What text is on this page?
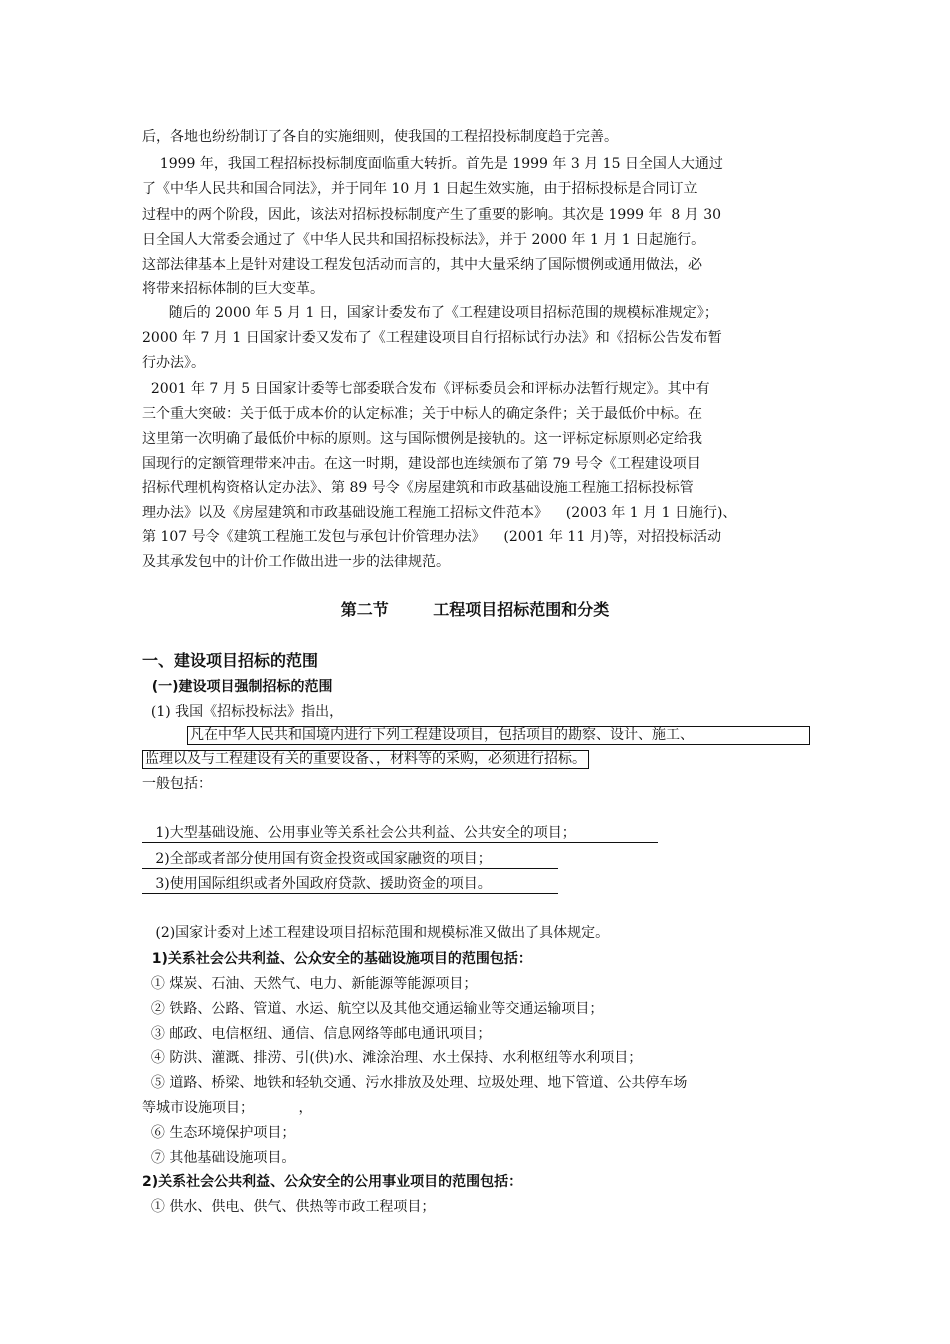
后，各地也纷纷制订了各自的实施细则，使我国的工程招投标制度趋于完善。
1999 年，我国工程招标投标制度面临重大转折。首先是 1999 年 3 月 15 日全国人大通过
了《中华人民共和国合同法》，并于同年 10 月 1 日起生效实施，由于招标投标是合同订立
过程中的两个阶段，因此，该法对招标投标制度产生了重要的影响。其次是 1999 年  8 月 30
日全国人大常委会通过了《中华人民共和国招标投标法》，并于 2000 年 1 月 1 日起施行。
这部法律基本上是针对建设工程发包活动而言的，其中大量采纳了国际惯例或通用做法，必
将带来招标体制的巨大变革。
随后的 2000 年 5 月 1 日，国家计委发布了《工程建设项目招标范围的规模标准规定》；
2000 年 7 月 1 日国家计委又发布了《工程建设项目自行招标试行办法》和《招标公告发布暂
行办法》。
2001 年 7 月 5 日国家计委等七部委联合发布《评标委员会和评标办法暂行规定》。其中有
三个重大突破：关于低于成本价的认定标准；关于中标人的确定条件；关于最低价中标。在
这里第一次明确了最低价中标的原则。这与国际惯例是接轨的。这一评标定标原则必定给我
国现行的定额管理带来冲击。在这一时期，建设部也连续颁布了第 79 号令《工程建设项目
招标代理机构资格认定办法》、第 89 号令《房屋建筑和市政基础设施工程施工招标投标管
理办法》以及《房屋建筑和市政基础设施工程施工招标文件范本》    (2003 年 1 月 1 日施行)、
第 107 号令《建筑工程施工发包与承包计价管理办法》    (2001 年 11 月)等，对招投标活动
及其承发包中的计价工作做出进一步的法律规范。
第二节        工程项目招标范围和分类
一、建设项目招标的范围
(一)建设项目强制招标的范围
(1) 我国《招标投标法》指出，
凡在中华人民共和国境内进行下列工程建设项目，包括项目的勘察、设计、施工、
监理以及与工程建设有关的重要设备、，材料等的采购，必须进行招标。
一般包括：
1)大型基础设施、公用事业等关系社会公共利益、公共安全的项目；
2)全部或者部分使用国有资金投资或国家融资的项目；
3)使用国际组织或者外国政府贷款、援助资金的项目。
(2)国家计委对上述工程建设项目招标范围和规模标准又做出了具体规定。
1)关系社会公共利益、公众安全的基础设施项目的范围包括：
① 煤炭、石油、天然气、电力、新能源等能源项目；
② 铁路、公路、管道、水运、航空以及其他交通运输业等交通运输项目；
③ 邮政、电信枢纽、通信、信息网络等邮电通讯项目；
④ 防洪、灌溉、排涝、引(供)水、滩涂治理、水土保持、水利枢纽等水利项目；
⑤ 道路、桥梁、地铁和轻轨交通、污水排放及处理、垃圾处理、地下管道、公共停车场
等城市设施项目；          ，
⑥ 生态环境保护项目；
⑦ 其他基础设施项目。
2)关系社会公共利益、公众安全的公用事业项目的范围包括：
① 供水、供电、供气、供热等市政工程项目；
